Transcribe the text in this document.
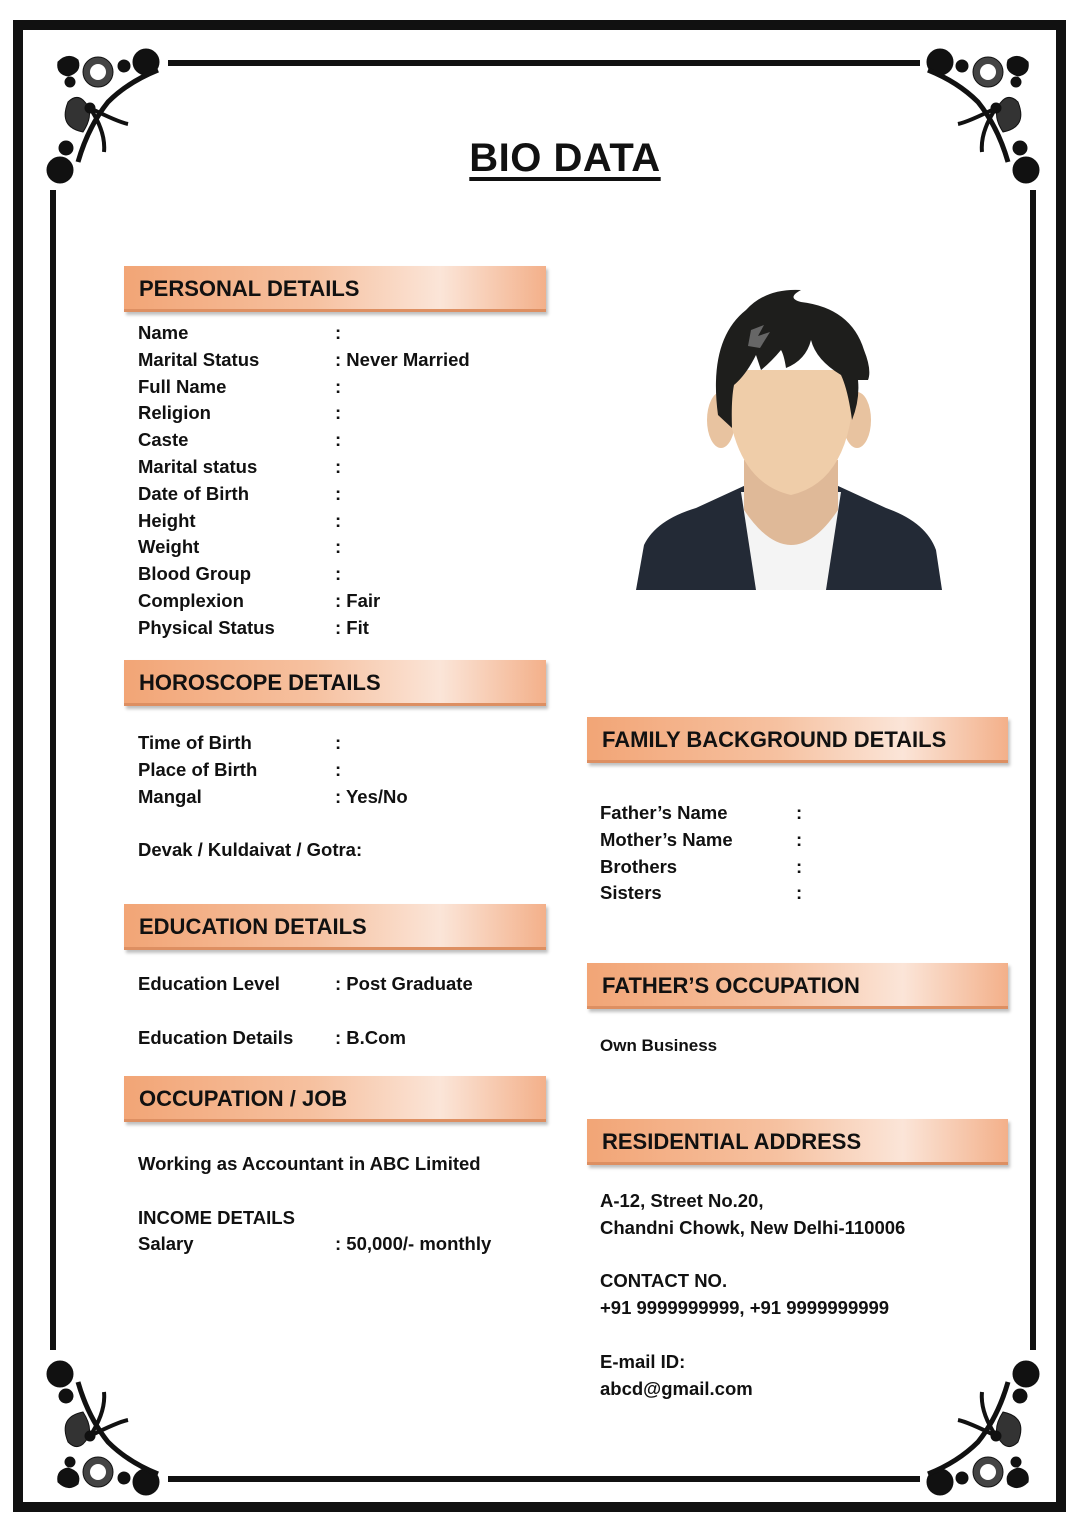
BIO DATA
PERSONAL DETAILS
Name	:
Marital Status	: Never Married
Full Name	:
Religion	:
Caste	:
Marital status	:
Date of Birth	:
Height	:
Weight	:
Blood Group	:
Complexion	: Fair
Physical Status	: Fit
HOROSCOPE DETAILS
Time of Birth	:
Place of Birth	:
Mangal	: Yes/No
Devak / Kuldaivat / Gotra:
EDUCATION DETAILS
Education Level	: Post Graduate
Education Details : B.Com
OCCUPATION / JOB
Working as Accountant in ABC Limited
INCOME DETAILS
Salary	: 50,000/- monthly
FAMILY BACKGROUND DETAILS
Father’s Name	:
Mother’s Name	:
Brothers	:
Sisters	:
FATHER’S OCCUPATION
Own Business
RESIDENTIAL ADDRESS
A-12, Street No.20,
Chandni Chowk, New Delhi-110006
CONTACT NO.
+91 9999999999, +91 9999999999
E-mail ID:
abcd@gmail.com
